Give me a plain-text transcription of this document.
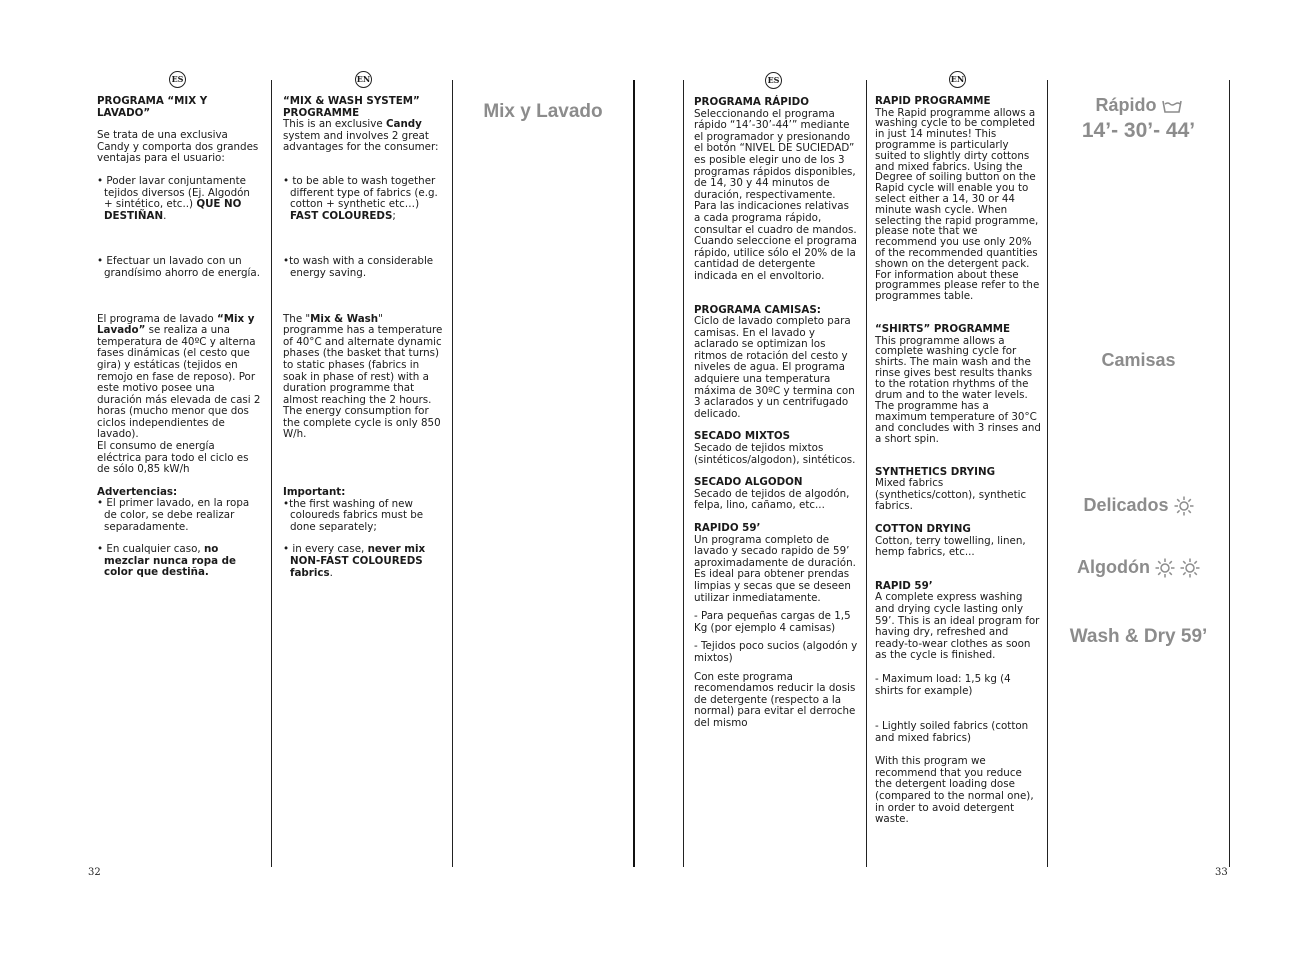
ES	EN	ES	EN
32	33

PROGRAMA “MIX Y LAVADO”

Se trata de una exclusiva Candy y comporta dos grandes ventajas para el usuario:

• Poder lavar conjuntamente tejidos diversos (Ej. Algodón + sintético, etc..) QUE NO DESTIÑAN.

• Efectuar un lavado con un grandísimo ahorro de energía.

El programa de lavado “Mix y Lavado” se realiza a una temperatura de 40ºC y alterna fases dinámicas (el cesto que gira) y estáticas (tejidos en remojo en fase de reposo). Por este motivo posee una duración más elevada de casi 2 horas (mucho menor que dos ciclos independientes de lavado).

El consumo de energía eléctrica para todo el ciclo es de sólo 0,85 kW/h

Advertencias:

• El primer lavado, en la ropa de color, se debe realizar separadamente.

• En cualquier caso, no mezclar nunca ropa de color que destiña.

“MIX & WASH SYSTEM” PROGRAMME

This is an exclusive Candy system and involves 2 great advantages for the consumer:

• to be able to wash together different type of fabrics (e.g. cotton + synthetic etc…) FAST COLOUREDS;

•to wash with a considerable energy saving.

The "Mix & Wash" programme has a temperature of 40°C and alternate dynamic phases (the basket that turns) to static phases (fabrics in soak in phase of rest) with a duration programme that almost reaching the 2 hours. The energy consumption for the complete cycle is only 850 W/h.

Important:

•the first washing of new coloureds fabrics must be done separately;

• in every case, never mix NON-FAST COLOUREDS fabrics.

Mix y Lavado	PROGRAMA RÁPIDO

Seleccionando el programa rápido “14’-30’-44’” mediante el programador y presionando el botón “NIVEL DE SUCIEDAD” es posible elegir uno de los 3 programas rápidos disponibles, de 14, 30 y 44 minutos de duración, respectivamente. Para las indicaciones relativas a cada programa rápido, consultar el cuadro de mandos. Cuando seleccione el programa rápido, utilice sólo el 20% de la cantidad de detergente indicada en el envoltorio.

PROGRAMA CAMISAS:

Ciclo de lavado completo para camisas. En el lavado y aclarado se optimizan los ritmos de rotación del cesto y niveles de agua. El programa adquiere una temperatura máxima de 30ºC y termina con 3 aclarados y un centrifugado delicado.

SECADO MIXTOS

Secado de tejidos mixtos (sintéticos/algodon), sintéticos.

SECADO ALGODON

Secado de tejidos de algodón, felpa, lino, cañamo, etc...

RAPIDO 59’

Un programa completo de lavado y secado rapido de 59’ aproximadamente de duración. Es ideal para obtener prendas limpias y secas que se deseen utilizar inmediatamente.

- Para pequeñas cargas de 1,5 Kg (por ejemplo 4 camisas)

- Tejidos poco sucios (algodón y mixtos)

Con este programa recomendamos reducir la dosis de detergente (respecto a la normal) para evitar el derroche del mismo

RAPID PROGRAMME

The Rapid programme allows a washing cycle to be completed in just 14 minutes! This programme is particularly suited to slightly dirty cottons and mixed fabrics. Using the Degree of soiling button on the Rapid cycle will enable you to select either a 14, 30 or 44 minute wash cycle. When selecting the rapid programme, please note that we recommend you use only 20% of the recommended quantities shown on the detergent pack. For information about these programmes please refer to the programmes table.

“SHIRTS” PROGRAMME

This programme allows a complete washing cycle for shirts. The main wash and the rinse gives best results thanks to the rotation rhythms of the drum and to the water levels. The programme has a maximum temperature of 30°C and concludes with 3 rinses and a short spin.

SYNTHETICS DRYING

Mixed fabrics (synthetics/cotton), synthetic fabrics.

COTTON DRYING

Cotton, terry towelling, linen, hemp fabrics, etc...

RAPID 59’

A complete express washing and drying cycle lasting only 59’. This is an ideal program for having dry, refreshed and ready-to-wear clothes as soon as the cycle is finished.

- Maximum load: 1,5 kg (4 shirts for example)

- Lightly soiled fabrics (cotton and mixed fabrics)

With this program we recommend that you reduce the detergent loading dose (compared to the normal one), in order to avoid detergent waste.

Rápido
14’- 30’- 44’
Camisas
Delicados
Algodón
Wash & Dry 59’
